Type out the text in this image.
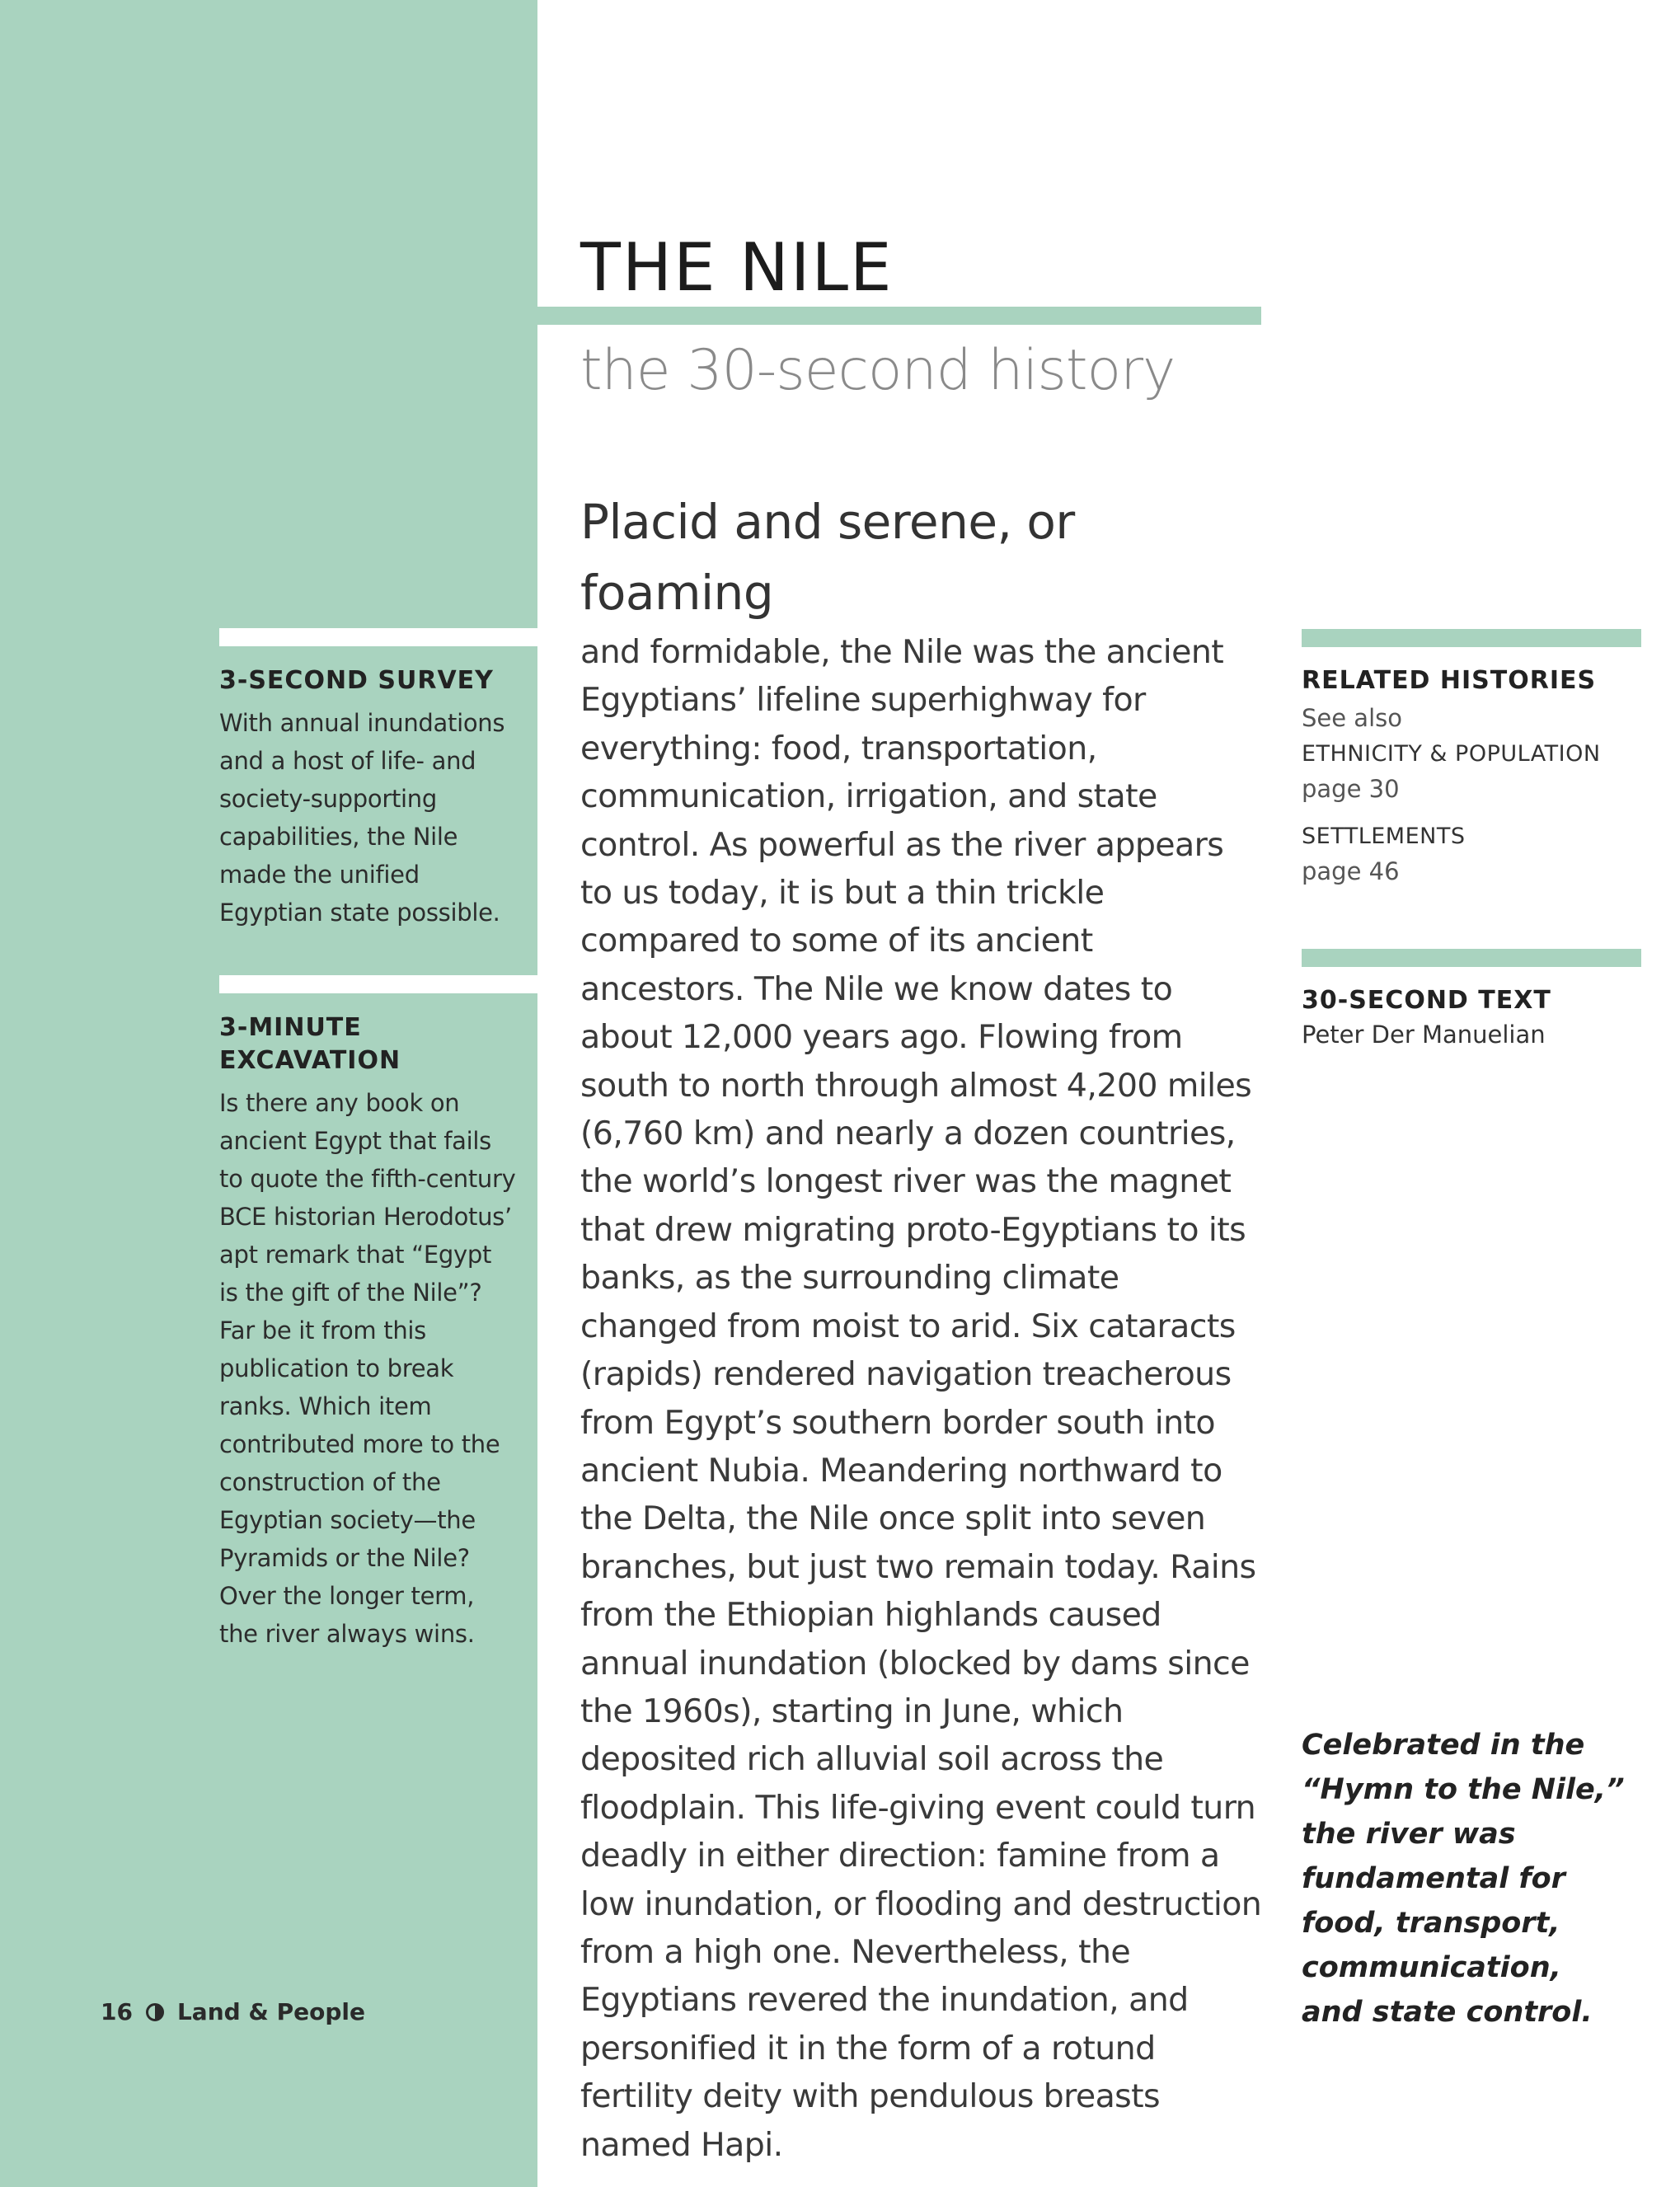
THE NILE
the 30-second history

3-SECOND SURVEY

With annual inundations and a host of life- and society-supporting capabilities, the Nile made the unified Egyptian state possible.

3-MINUTE EXCAVATION

Is there any book on ancient Egypt that fails to quote the fifth-century BCE historian Herodotus’ apt remark that “Egypt is the gift of the Nile”? Far be it from this publication to break ranks. Which item contributed more to the construction of the Egyptian society—the Pyramids or the Nile? Over the longer term, the river always wins.

Placid and serene, or foaming
and formidable, the Nile was the ancient Egyptians’ lifeline superhighway for everything: food, transportation, communication, irrigation, and state control. As powerful as the river appears to us today, it is but a thin trickle compared to some of its ancient ancestors. The Nile we know dates to about 12,000 years ago. Flowing from south to north through almost 4,200 miles (6,760 km) and nearly a dozen countries, the world’s longest river was the magnet that drew migrating proto-Egyptians to its banks, as the surrounding climate changed from moist to arid. Six cataracts (rapids) rendered navigation treacherous from Egypt’s southern border south into ancient Nubia. Meandering northward to the Delta, the Nile once split into seven branches, but just two remain today. Rains from the Ethiopian highlands caused annual inundation (blocked by dams since the 1960s), starting in June, which deposited rich alluvial soil across the floodplain. This life-giving event could turn deadly in either direction: famine from a low inundation, or flooding and destruction from a high one. Nevertheless, the Egyptians revered the inundation, and personified it in the form of a rotund fertility deity with pendulous breasts named Hapi.

RELATED HISTORIES

See also

ETHNICITY & POPULATION

page 30

SETTLEMENTS

page 46

30-SECOND TEXT

Peter Der Manuelian

Celebrated in the “Hymn to the Nile,” the river was fundamental for food, transport, communication, and state control.

16 Land & People
